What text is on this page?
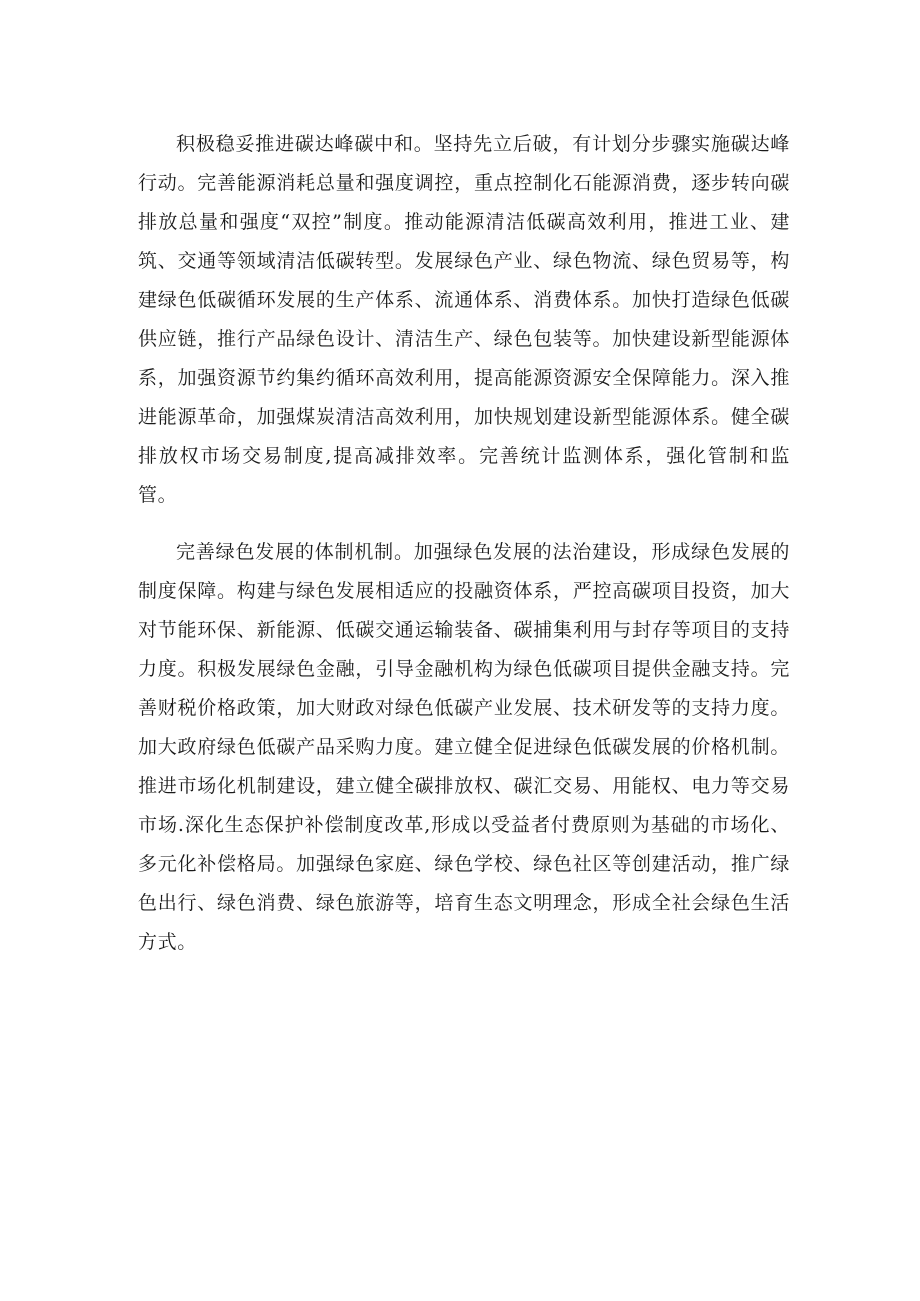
积极稳妥推进碳达峰碳中和。坚持先立后破，有计划分步骤实施碳达峰行动。完善能源消耗总量和强度调控，重点控制化石能源消费，逐步转向碳排放总量和强度“双控”制度。推动能源清洁低碳高效利用，推进工业、建筑、交通等领域清洁低碳转型。发展绿色产业、绿色物流、绿色贸易等，构建绿色低碳循环发展的生产体系、流通体系、消费体系。加快打造绿色低碳供应链，推行产品绿色设计、清洁生产、绿色包装等。加快建设新型能源体系，加强资源节约集约循环高效利用，提高能源资源安全保障能力。深入推进能源革命，加强煤炭清洁高效利用，加快规划建设新型能源体系。健全碳排放权市场交易制度,提高减排效率。完善统计监测体系，强化管制和监管。

完善绿色发展的体制机制。加强绿色发展的法治建设，形成绿色发展的制度保障。构建与绿色发展相适应的投融资体系，严控高碳项目投资，加大对节能环保、新能源、低碳交通运输装备、碳捕集利用与封存等项目的支持力度。积极发展绿色金融，引导金融机构为绿色低碳项目提供金融支持。完善财税价格政策，加大财政对绿色低碳产业发展、技术研发等的支持力度。加大政府绿色低碳产品采购力度。建立健全促进绿色低碳发展的价格机制。推进市场化机制建设，建立健全碳排放权、碳汇交易、用能权、电力等交易市场.深化生态保护补偿制度改革,形成以受益者付费原则为基础的市场化、多元化补偿格局。加强绿色家庭、绿色学校、绿色社区等创建活动，推广绿色出行、绿色消费、绿色旅游等，培育生态文明理念，形成全社会绿色生活方式。
